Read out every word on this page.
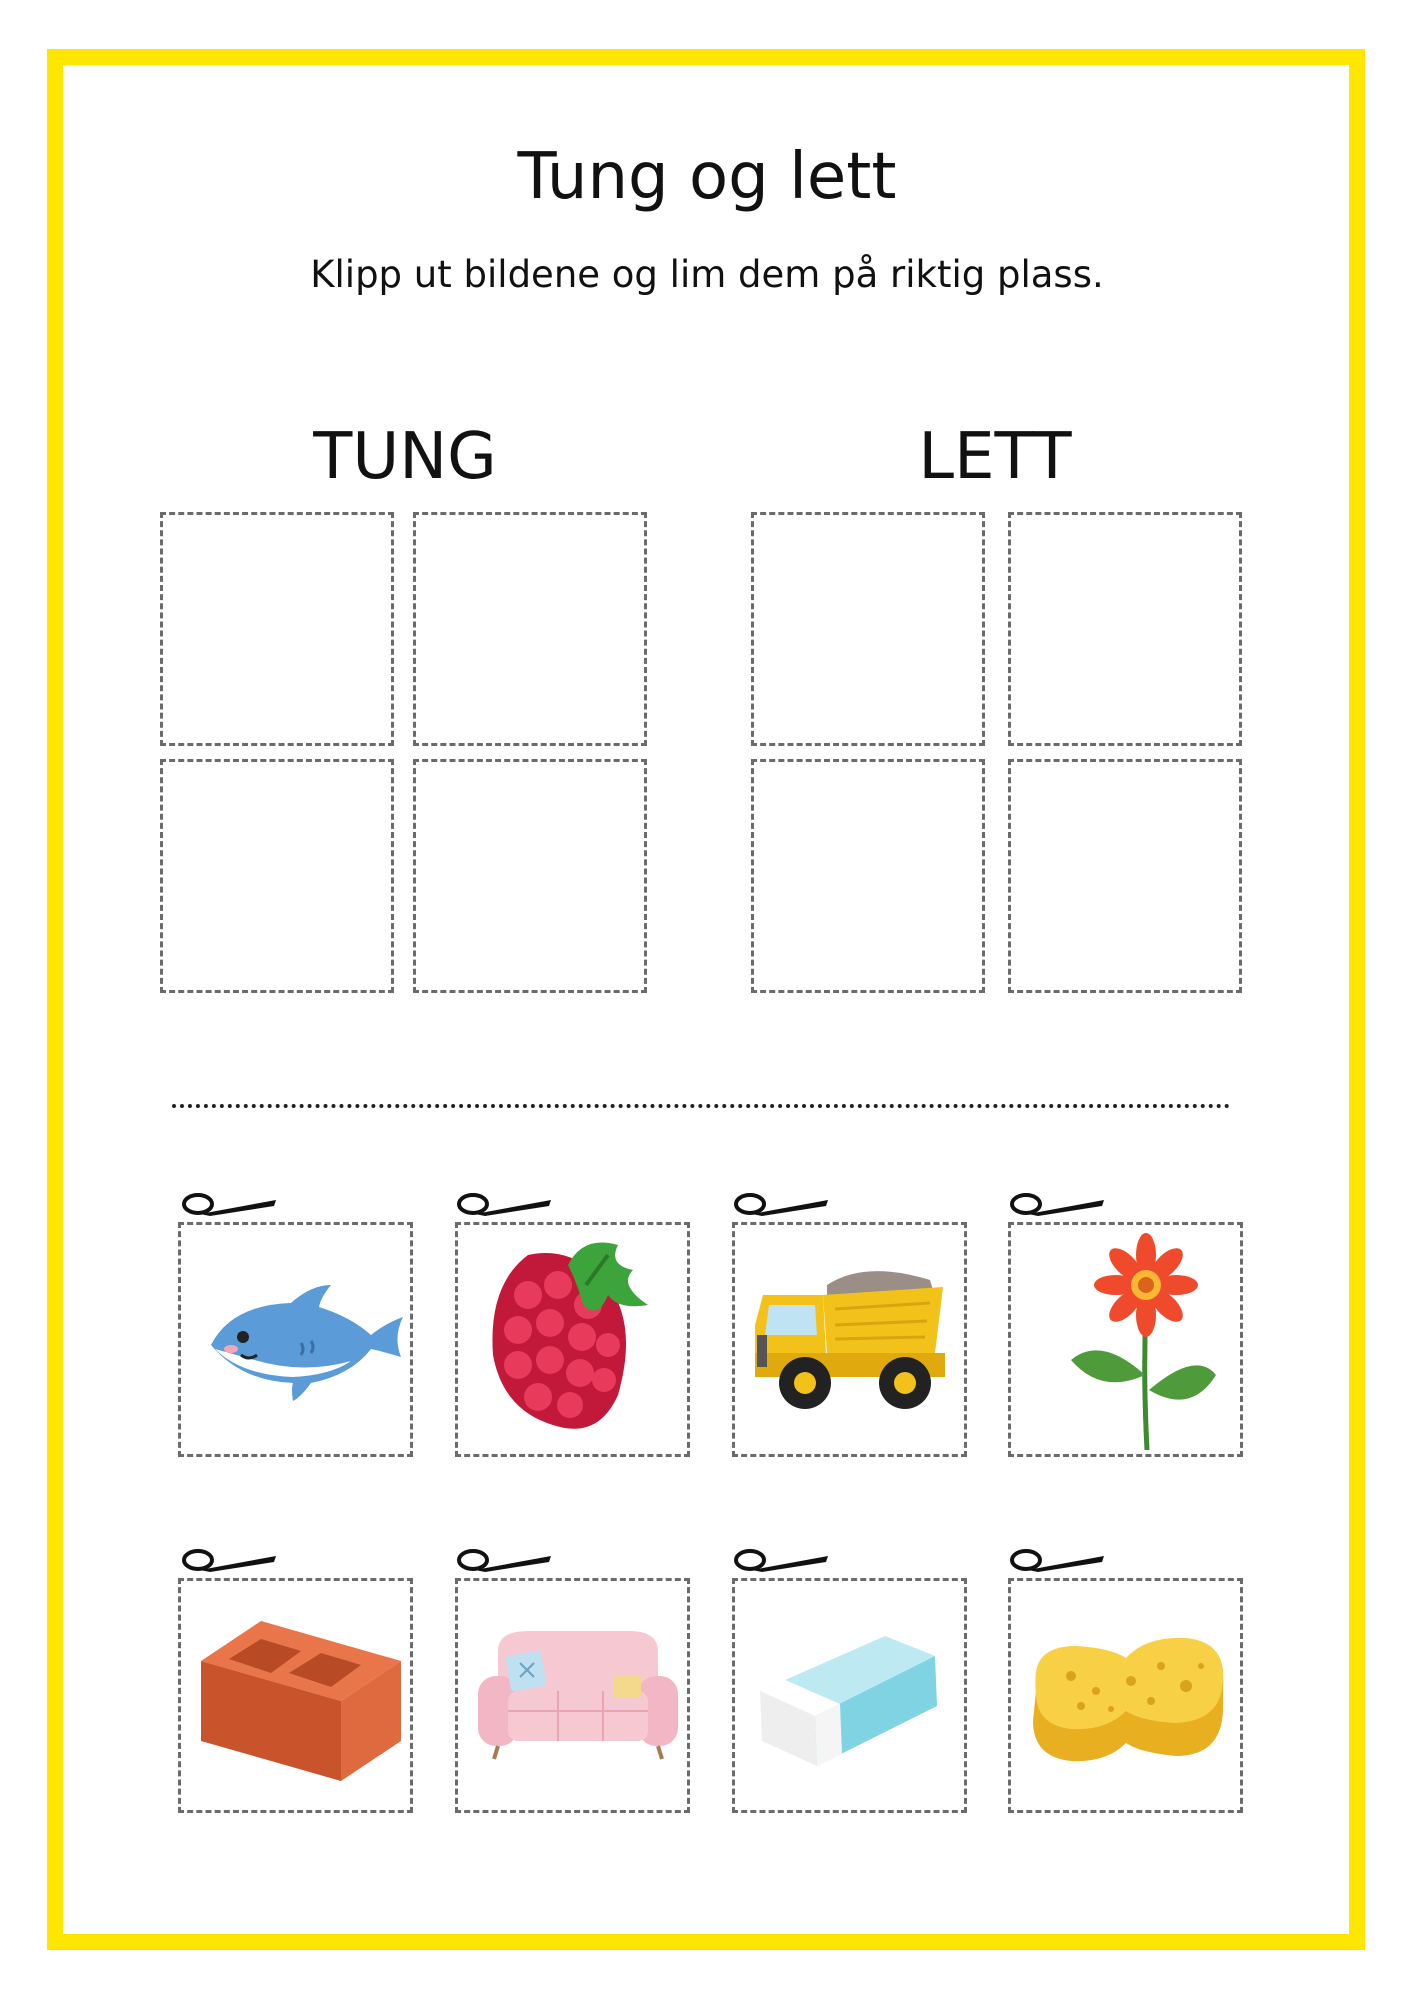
Tung og lett
Klipp ut bildene og lim dem på riktig plass.
TUNG	LETT
